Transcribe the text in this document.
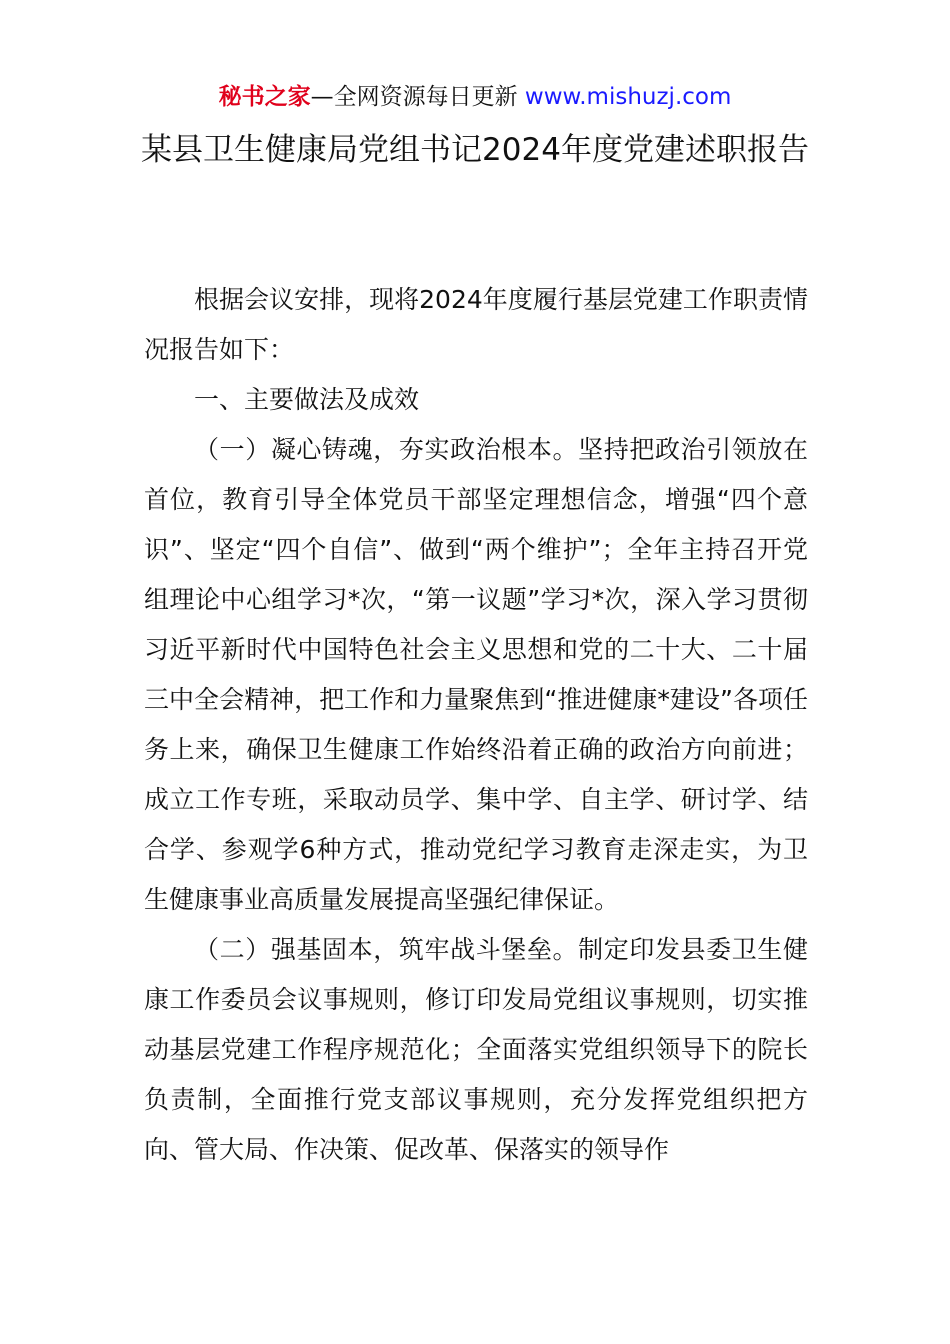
秘书之家—全网资源每日更新 www.mishuzj.com
某县卫生健康局党组书记2024年度党建述职报告

根据会议安排，现将2024年度履行基层党建工作职责情况报告如下：

一、主要做法及成效

（一）凝心铸魂，夯实政治根本。坚持把政治引领放在首位，教育引导全体党员干部坚定理想信念，增强“四个意识”、坚定“四个自信”、做到“两个维护”；全年主持召开党组理论中心组学习*次，“第一议题”学习*次，深入学习贯彻习近平新时代中国特色社会主义思想和党的二十大、二十届三中全会精神，把工作和力量聚焦到“推进健康*建设”各项任务上来，确保卫生健康工作始终沿着正确的政治方向前进；成立工作专班，采取动员学、集中学、自主学、研讨学、结合学、参观学6种方式，推动党纪学习教育走深走实，为卫生健康事业高质量发展提高坚强纪律保证。

（二）强基固本，筑牢战斗堡垒。制定印发县委卫生健康工作委员会议事规则，修订印发局党组议事规则，切实推动基层党建工作程序规范化；全面落实党组织领导下的院长负责制，全面推行党支部议事规则，充分发挥党组织把方向、管大局、作决策、促改革、保落实的领导作
